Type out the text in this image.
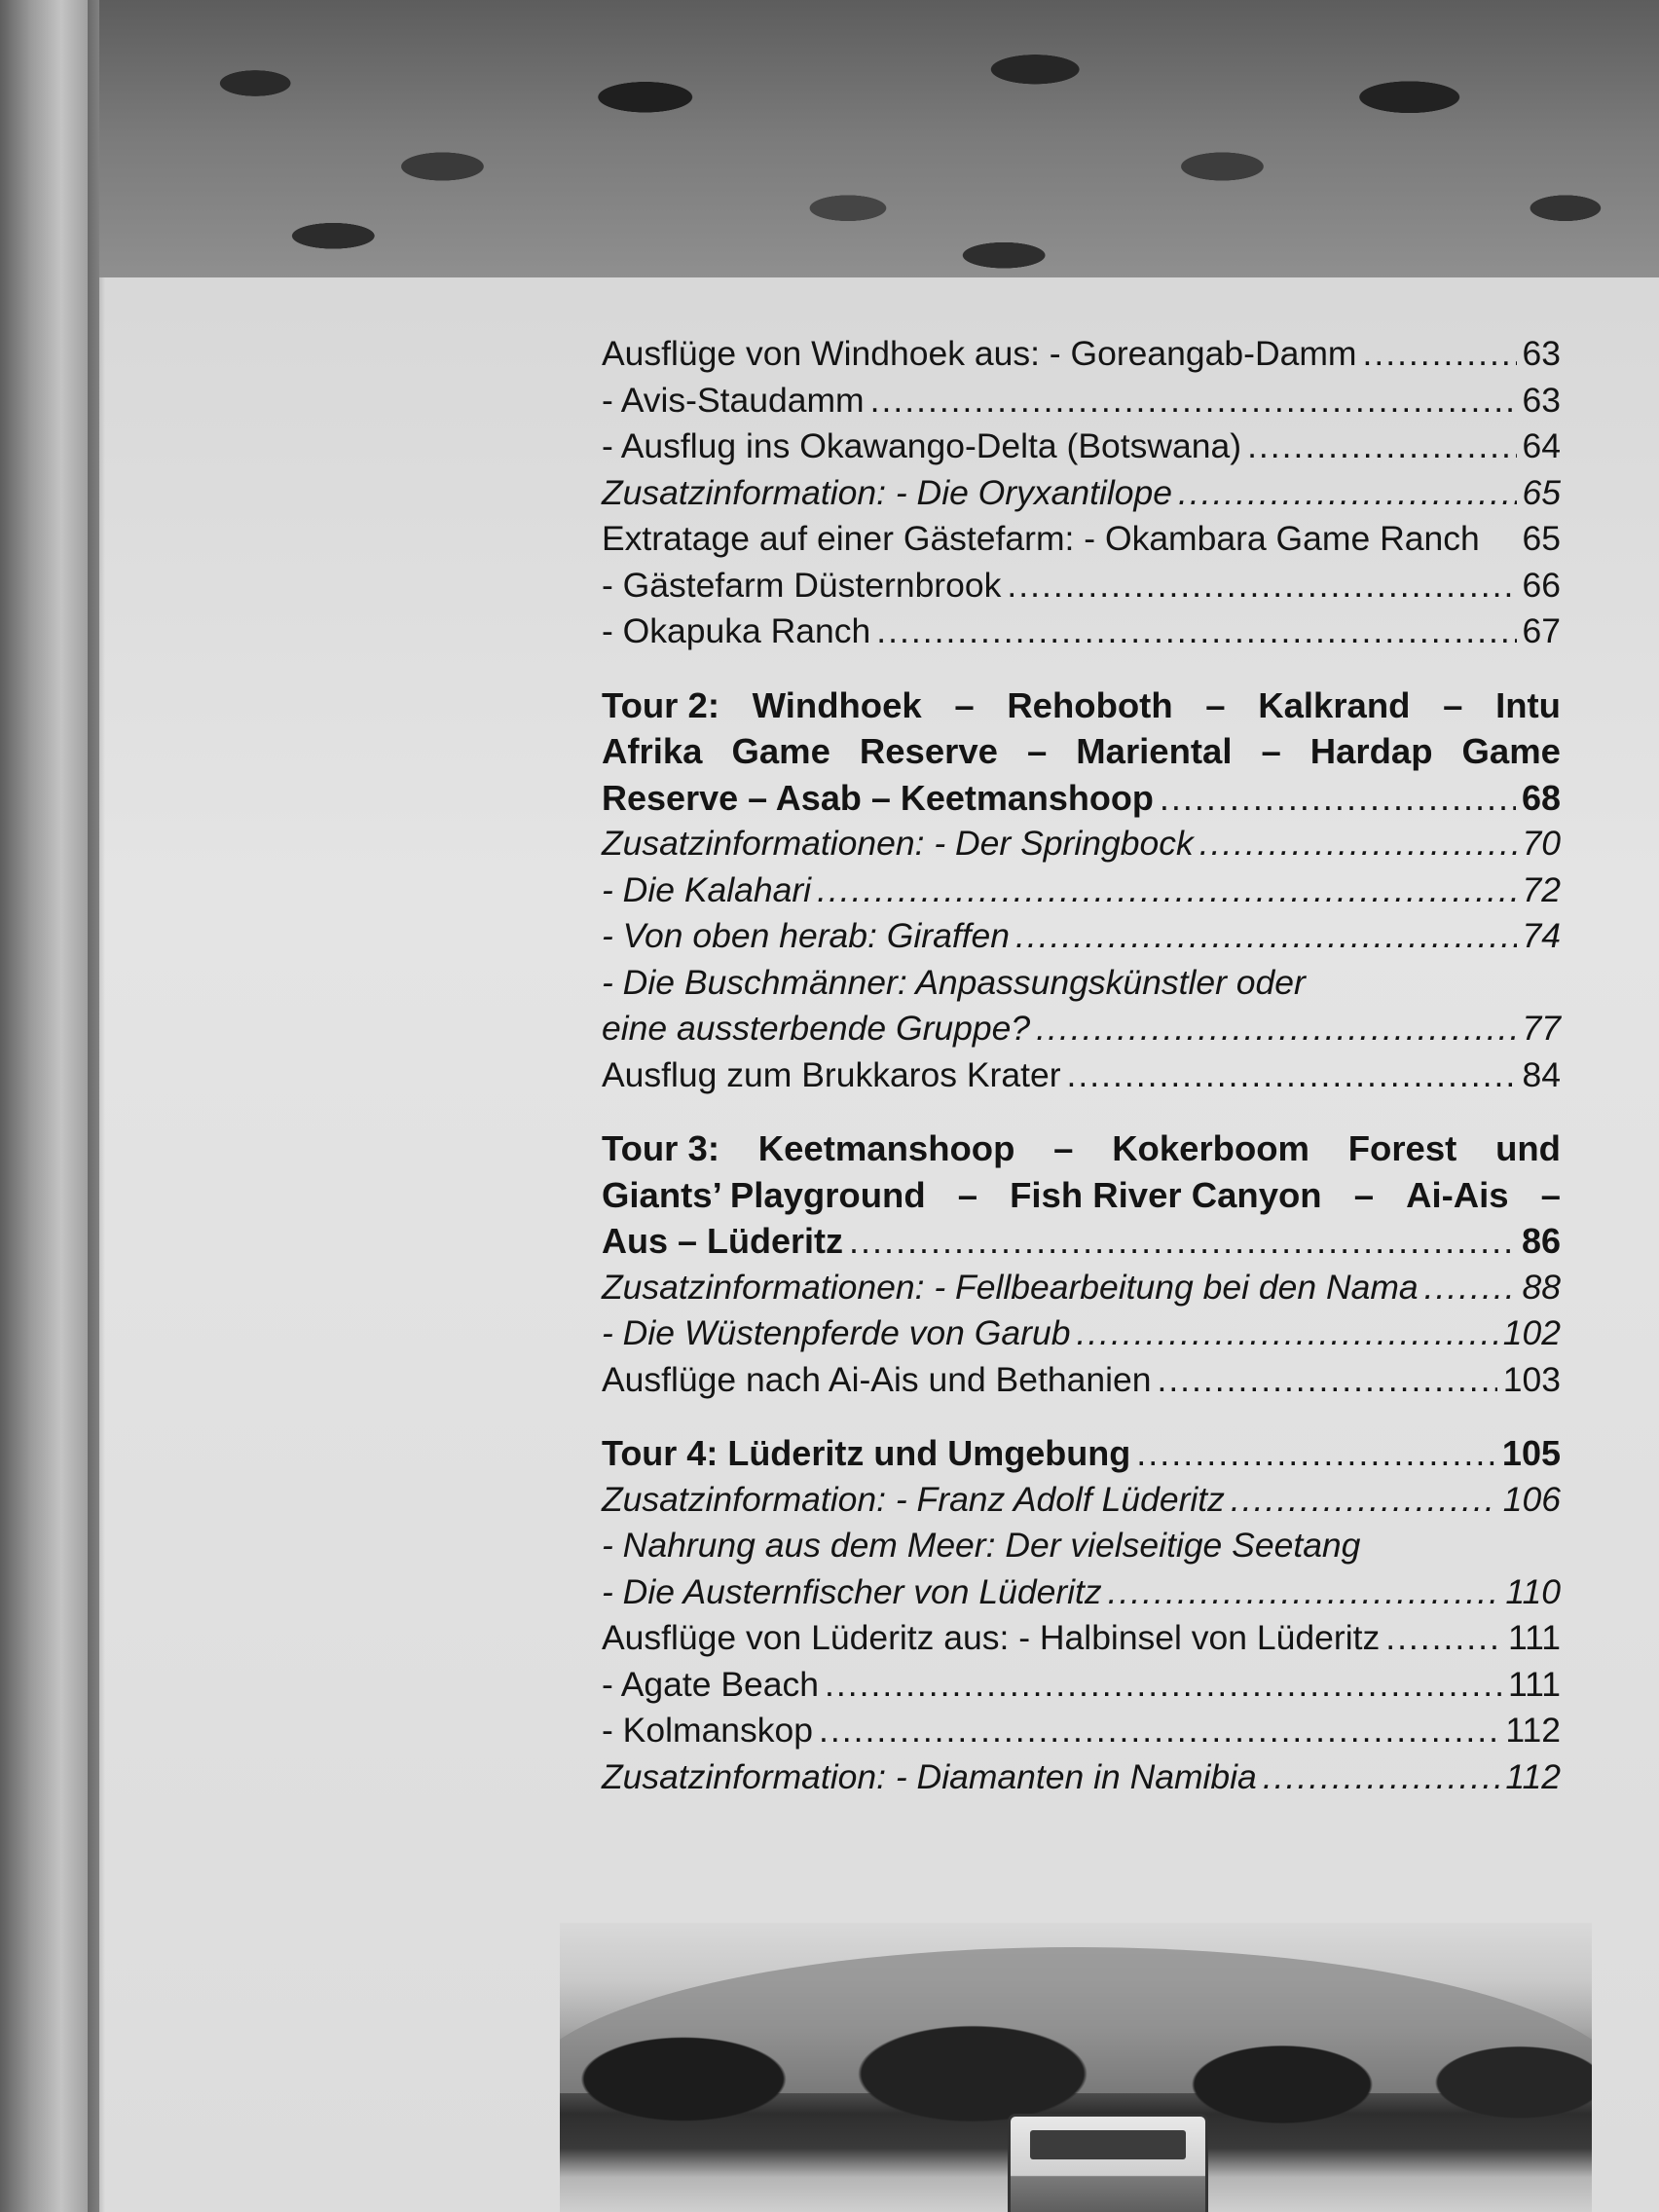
Ausflüge von Windhoek aus: - Goreangab-Damm .....	63
- Avis-Staudamm .....	63
- Ausflug ins Okawango-Delta (Botswana) .....	64
Zusatzinformation: - Die Oryxantilope .....	65
Extratage auf einer Gästefarm: - Okambara Game Ranch 65
- Gästefarm Düsternbrook .....	66
- Okapuka Ranch .....	67
Tour 2: Windhoek – Rehoboth – Kalkrand – Intu
Afrika Game Reserve – Mariental – Hardap Game
Reserve – Asab – Keetmanshoop .....	68
Zusatzinformationen: - Der Springbock .....	70
- Die Kalahari .....	72
- Von oben herab: Giraffen .....	74
- Die Buschmänner: Anpassungskünstler oder
eine aussterbende Gruppe? .....	77
Ausflug zum Brukkaros Krater .....	84
Tour 3: Keetmanshoop – Kokerboom Forest und
Giants’ Playground – Fish River Canyon – Ai-Ais –
Aus – Lüderitz .....	86
Zusatzinformationen: - Fellbearbeitung bei den Nama .....	88
- Die Wüstenpferde von Garub .....	102
Ausflüge nach Ai-Ais und Bethanien .....	103
Tour 4: Lüderitz und Umgebung .....	105
Zusatzinformation: - Franz Adolf Lüderitz .....	106
- Nahrung aus dem Meer: Der vielseitige Seetang
- Die Austernfischer von Lüderitz .....	110
Ausflüge von Lüderitz aus: - Halbinsel von Lüderitz .....	111
- Agate Beach .....	111
- Kolmanskop .....	112
Zusatzinformation: - Diamanten in Namibia .....	112
